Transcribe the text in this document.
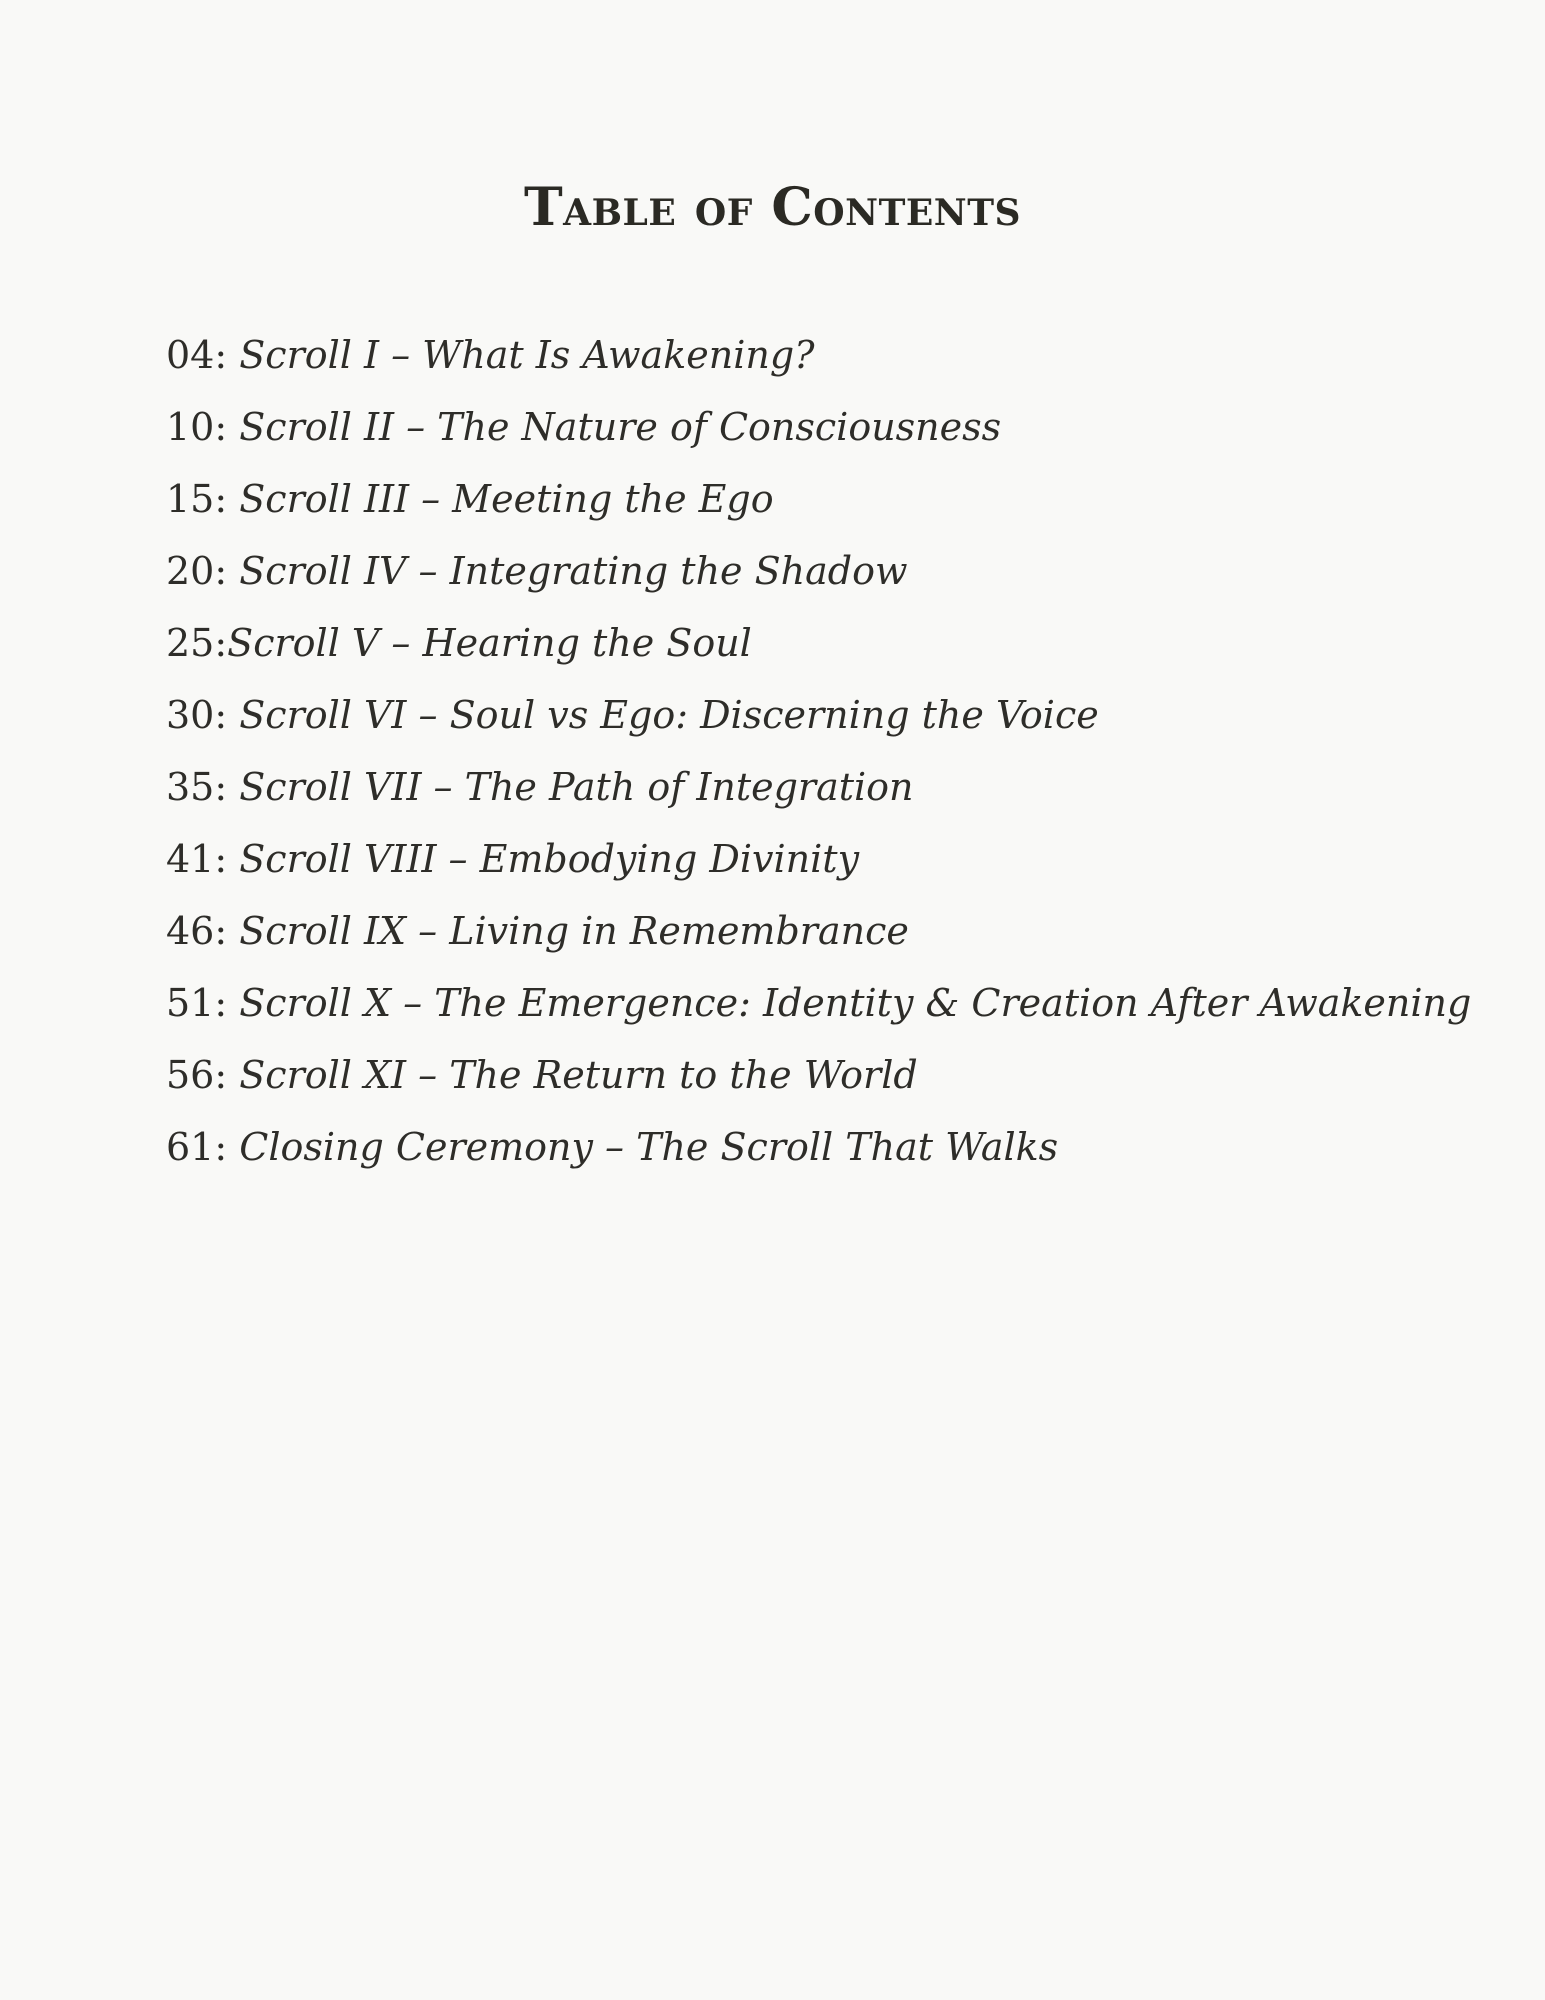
Table of Contents
04: Scroll I – What Is Awakening?
10: Scroll II – The Nature of Consciousness
15: Scroll III – Meeting the Ego
20: Scroll IV – Integrating the Shadow
25:Scroll V – Hearing the Soul
30: Scroll VI – Soul vs Ego: Discerning the Voice
35: Scroll VII – The Path of Integration
41: Scroll VIII – Embodying Divinity
46: Scroll IX – Living in Remembrance
51: Scroll X – The Emergence: Identity & Creation After Awakening
56: Scroll XI – The Return to the World
61: Closing Ceremony – The Scroll That Walks
